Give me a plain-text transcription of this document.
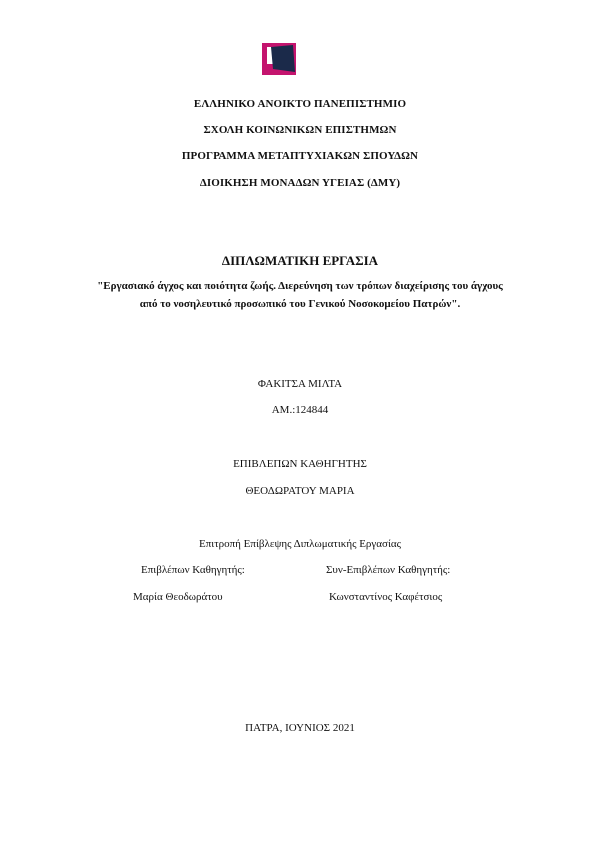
ΕΛΛΗΝΙΚΟ ΑΝΟΙΚΤΟ ΠΑΝΕΠΙΣΤΗΜΙΟ
ΣΧΟΛΗ ΚΟΙΝΩΝΙΚΩΝ ΕΠΙΣΤΗΜΩΝ
ΠΡΟΓΡΑΜΜΑ ΜΕΤΑΠΤΥΧΙΑΚΩΝ ΣΠΟΥΔΩΝ
ΔΙΟΙΚΗΣΗ ΜΟΝΑΔΩΝ ΥΓΕΙΑΣ (ΔΜΥ)
ΔΙΠΛΩΜΑΤΙΚΗ ΕΡΓΑΣΙΑ
"Εργασιακό άγχος και ποιότητα ζωής. Διερεύνηση των τρόπων διαχείρισης του άγχους
από το νοσηλευτικό προσωπικό του Γενικού Νοσοκομείου Πατρών".
ΦΑΚΙΤΣΑ ΜΙΛΤΑ
ΑΜ.:124844
ΕΠΙΒΛΕΠΩΝ ΚΑΘΗΓΗΤΗΣ
ΘΕΟΔΩΡΑΤΟΥ ΜΑΡΙΑ
Επιτροπή Επίβλεψης Διπλωματικής Εργασίας
Επιβλέπων Καθηγητής:	Συν-Επιβλέπων Καθηγητής:
Μαρία Θεοδωράτου	Κωνσταντίνος Καφέτσιος
ΠΑΤΡΑ, ΙΟΥΝΙΟΣ 2021
